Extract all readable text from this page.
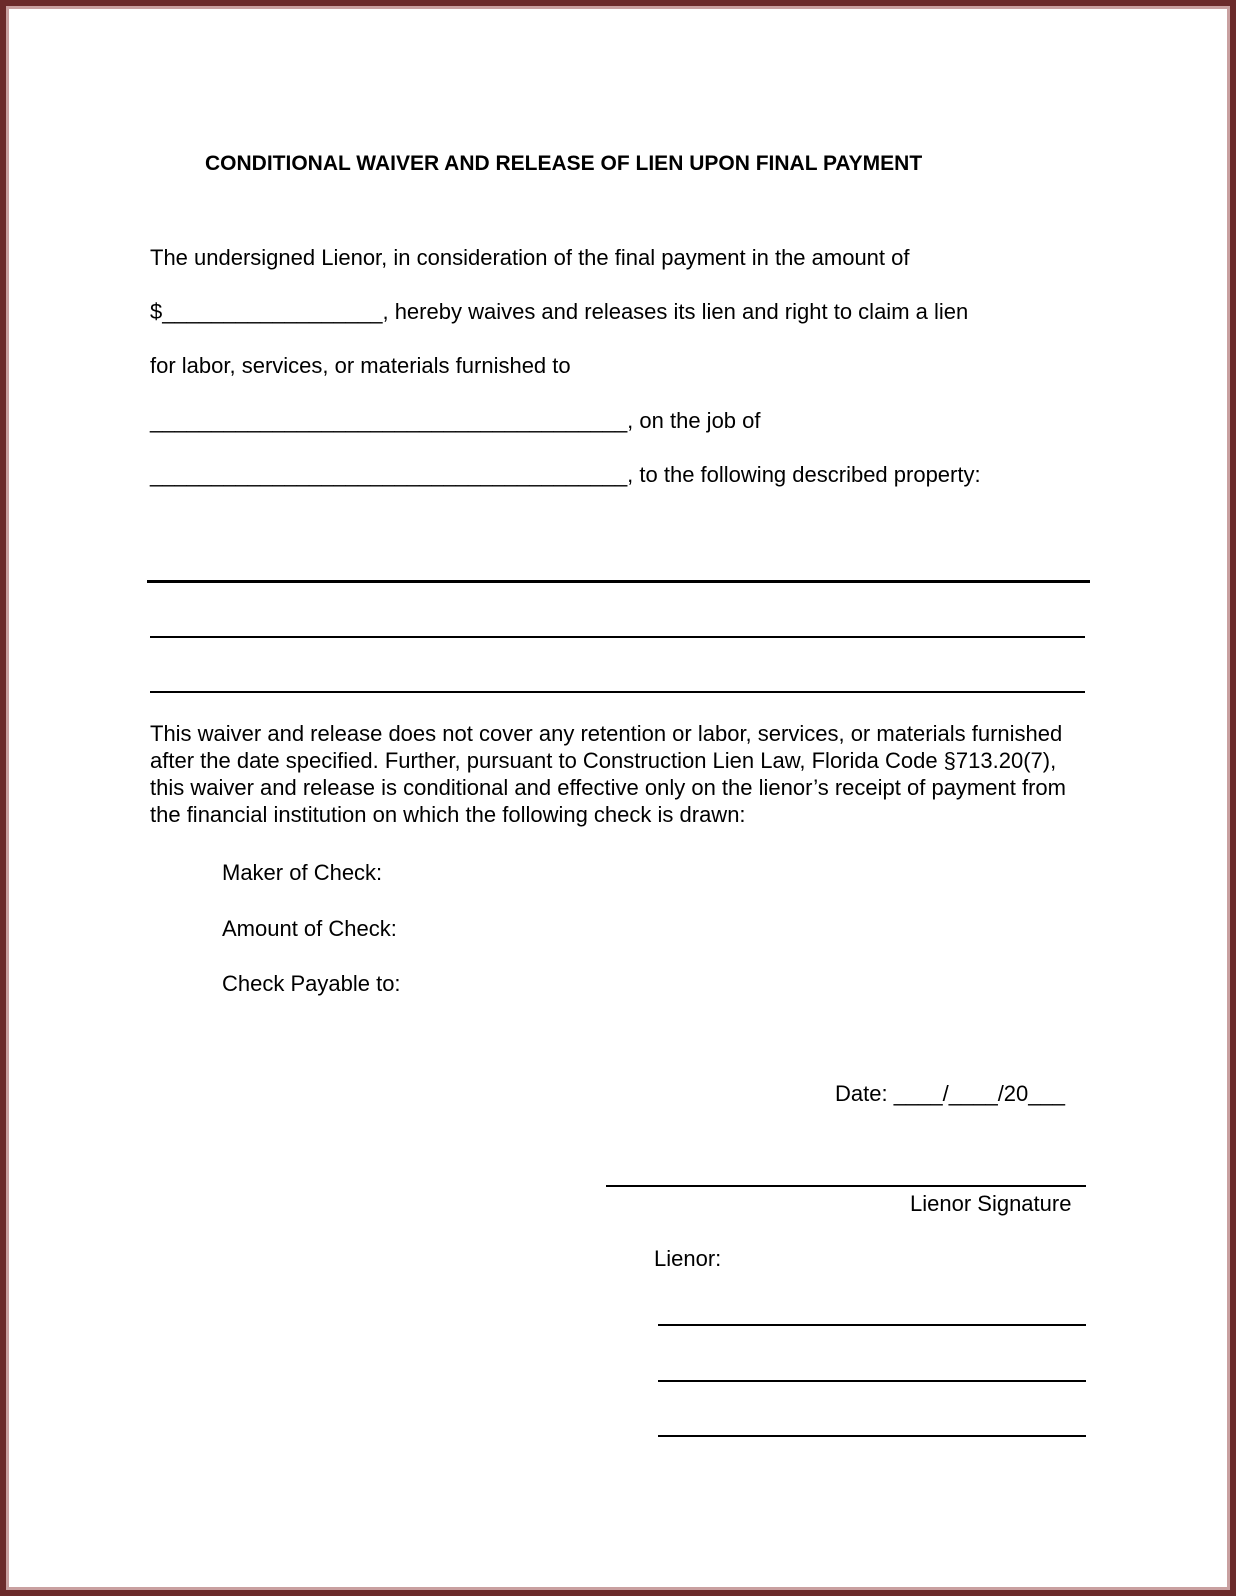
CONDITIONAL WAIVER AND RELEASE OF LIEN UPON FINAL PAYMENT
The undersigned Lienor, in consideration of the final payment in the amount of
$__________________, hereby waives and releases its lien and right to claim a lien
for labor, services, or materials furnished to
_______________________________________, on the job of
_______________________________________, to the following described property:
This waiver and release does not cover any retention or labor, services, or materials furnished after the date specified. Further, pursuant to Construction Lien Law, Florida Code §713.20(7), this waiver and release is conditional and effective only on the lienor’s receipt of payment from the financial institution on which the following check is drawn:
Maker of Check:
Amount of Check:
Check Payable to:
Date: ____/____/20___
Lienor Signature
Lienor:
